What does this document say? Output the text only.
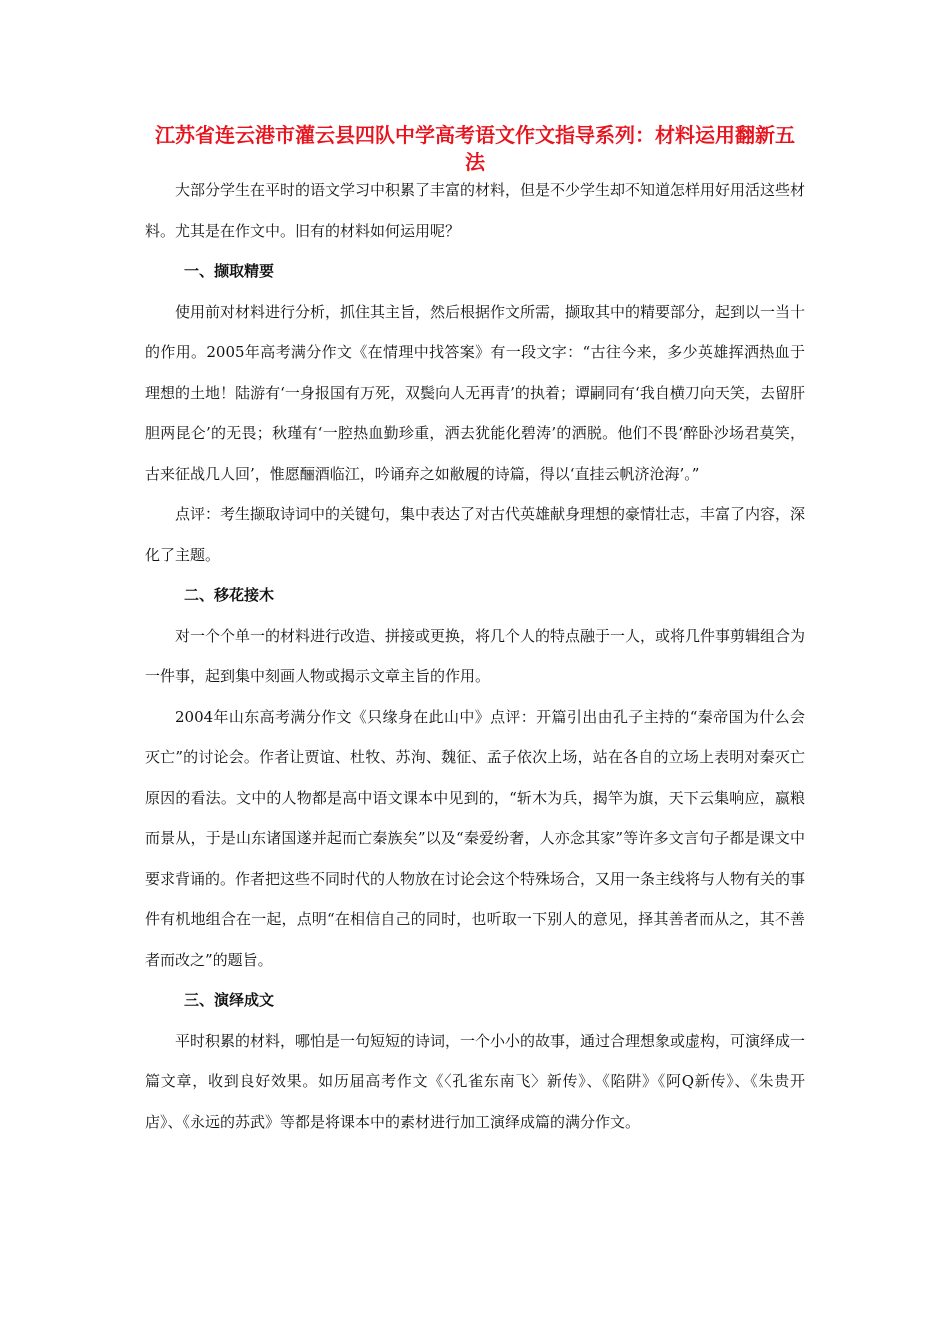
江苏省连云港市灌云县四队中学高考语文作文指导系列：材料运用翻新五法

大部分学生在平时的语文学习中积累了丰富的材料，但是不少学生却不知道怎样用好用活这些材料。尤其是在作文中。旧有的材料如何运用呢？

一、撷取精要

使用前对材料进行分析，抓住其主旨，然后根据作文所需，撷取其中的精要部分，起到以一当十的作用。2005年高考满分作文《在情理中找答案》有一段文字：“古往今来，多少英雄挥洒热血于理想的土地！陆游有‘一身报国有万死，双鬓向人无再青’的执着；谭嗣同有‘我自横刀向天笑，去留肝胆两昆仑’的无畏；秋瑾有‘一腔热血勤珍重，洒去犹能化碧涛’的洒脱。他们不畏‘醉卧沙场君莫笑，古来征战几人回’，惟愿酾酒临江，吟诵弃之如敝履的诗篇，得以‘直挂云帆济沧海’。”

点评：考生撷取诗词中的关键句，集中表达了对古代英雄献身理想的豪情壮志，丰富了内容，深化了主题。

二、移花接木

对一个个单一的材料进行改造、拼接或更换，将几个人的特点融于一人，或将几件事剪辑组合为一件事，起到集中刻画人物或揭示文章主旨的作用。

2004年山东高考满分作文《只缘身在此山中》点评：开篇引出由孔子主持的“秦帝国为什么会灭亡”的讨论会。作者让贾谊、杜牧、苏洵、魏征、孟子依次上场，站在各自的立场上表明对秦灭亡原因的看法。文中的人物都是高中语文课本中见到的，“斩木为兵，揭竿为旗，天下云集响应，嬴粮而景从，于是山东诸国遂并起而亡秦族矣”以及“秦爱纷奢，人亦念其家”等许多文言句子都是课文中要求背诵的。作者把这些不同时代的人物放在讨论会这个特殊场合，又用一条主线将与人物有关的事件有机地组合在一起，点明“在相信自己的同时，也听取一下别人的意见，择其善者而从之，其不善者而改之”的题旨。

三、演绎成文

平时积累的材料，哪怕是一句短短的诗词，一个小小的故事，通过合理想象或虚构，可演绎成一篇文章，收到良好效果。如历届高考作文《〈孔雀东南飞〉新传》、《陷阱》《阿Q新传》、《朱贵开店》、《永远的苏武》等都是将课本中的素材进行加工演绎成篇的满分作文。
